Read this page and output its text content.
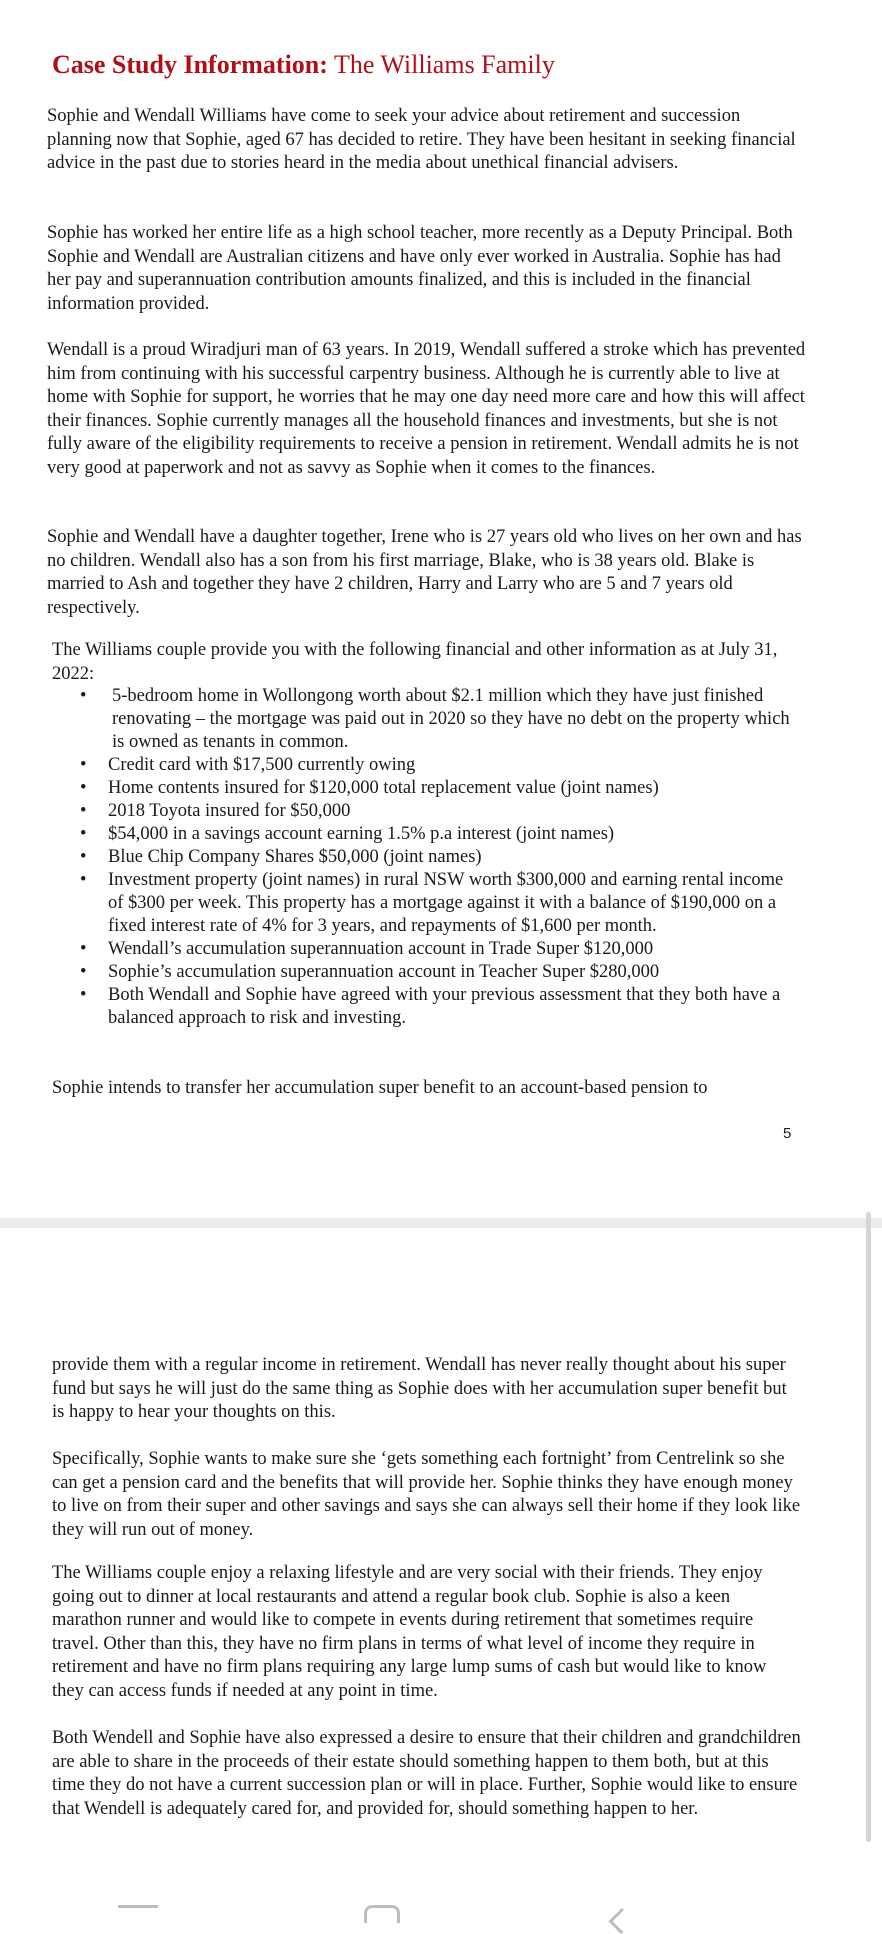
Case Study Information: The Williams Family

Sophie and Wendall Williams have come to seek your advice about retirement and succession planning now that Sophie, aged 67 has decided to retire. They have been hesitant in seeking financial advice in the past due to stories heard in the media about unethical financial advisers.

Sophie has worked her entire life as a high school teacher, more recently as a Deputy Principal. Both Sophie and Wendall are Australian citizens and have only ever worked in Australia. Sophie has had her pay and superannuation contribution amounts finalized, and this is included in the financial information provided.

Wendall is a proud Wiradjuri man of 63 years. In 2019, Wendall suffered a stroke which has prevented him from continuing with his successful carpentry business. Although he is currently able to live at home with Sophie for support, he worries that he may one day need more care and how this will affect their finances. Sophie currently manages all the household finances and investments, but she is not fully aware of the eligibility requirements to receive a pension in retirement. Wendall admits he is not very good at paperwork and not as savvy as Sophie when it comes to the finances.

Sophie and Wendall have a daughter together, Irene who is 27 years old who lives on her own and has no children. Wendall also has a son from his first marriage, Blake, who is 38 years old. Blake is married to Ash and together they have 2 children, Harry and Larry who are 5 and 7 years old respectively.

The Williams couple provide you with the following financial and other information as at July 31, 2022:

• 5-bedroom home in Wollongong worth about $2.1 million which they have just finished renovating – the mortgage was paid out in 2020 so they have no debt on the property which is owned as tenants in common.
• Credit card with $17,500 currently owing
• Home contents insured for $120,000 total replacement value (joint names)
• 2018 Toyota insured for $50,000
• $54,000 in a savings account earning 1.5% p.a interest (joint names)
• Blue Chip Company Shares $50,000 (joint names)
• Investment property (joint names) in rural NSW worth $300,000 and earning rental income of $300 per week. This property has a mortgage against it with a balance of $190,000 on a fixed interest rate of 4% for 3 years, and repayments of $1,600 per month.
• Wendall’s accumulation superannuation account in Trade Super $120,000
• Sophie’s accumulation superannuation account in Teacher Super $280,000
• Both Wendall and Sophie have agreed with your previous assessment that they both have a balanced approach to risk and investing.

Sophie intends to transfer her accumulation super benefit to an account-based pension to

5

provide them with a regular income in retirement. Wendall has never really thought about his super fund but says he will just do the same thing as Sophie does with her accumulation super benefit but is happy to hear your thoughts on this.

Specifically, Sophie wants to make sure she ‘gets something each fortnight’ from Centrelink so she can get a pension card and the benefits that will provide her. Sophie thinks they have enough money to live on from their super and other savings and says she can always sell their home if they look like they will run out of money.

The Williams couple enjoy a relaxing lifestyle and are very social with their friends. They enjoy going out to dinner at local restaurants and attend a regular book club. Sophie is also a keen marathon runner and would like to compete in events during retirement that sometimes require travel. Other than this, they have no firm plans in terms of what level of income they require in retirement and have no firm plans requiring any large lump sums of cash but would like to know they can access funds if needed at any point in time.

Both Wendell and Sophie have also expressed a desire to ensure that their children and grandchildren are able to share in the proceeds of their estate should something happen to them both, but at this time they do not have a current succession plan or will in place. Further, Sophie would like to ensure that Wendell is adequately cared for, and provided for, should something happen to her.
